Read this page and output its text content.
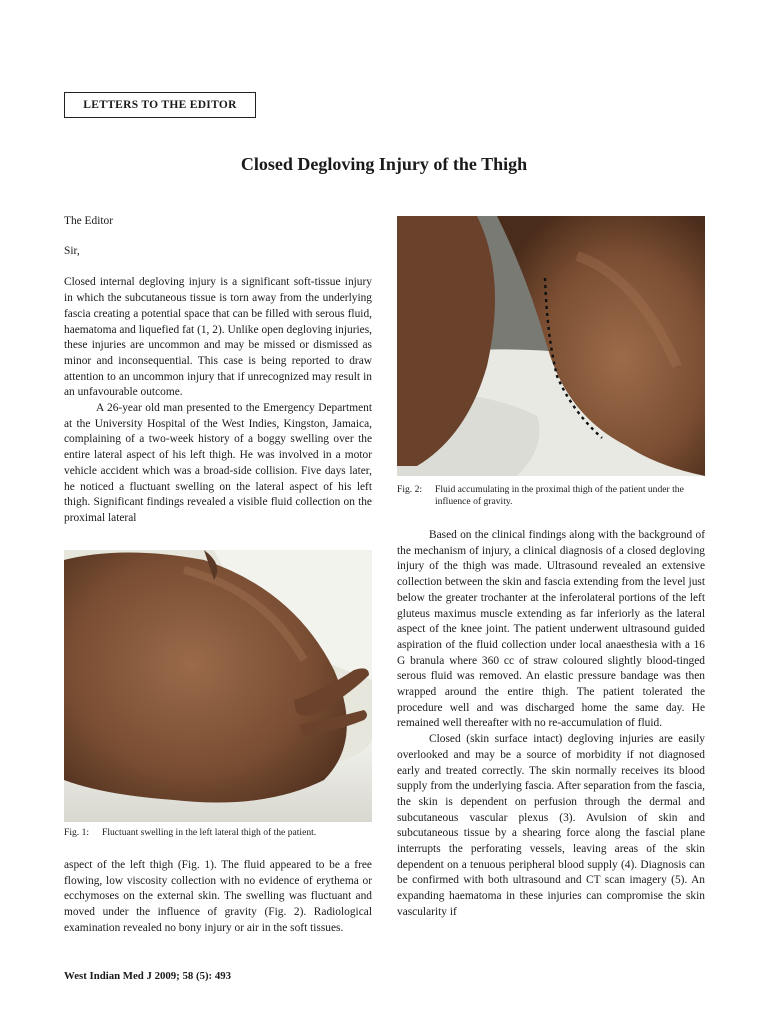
LETTERS TO THE EDITOR
Closed Degloving Injury of the Thigh

The Editor

Sir,

Closed internal degloving injury is a significant soft-tissue injury in which the subcutaneous tissue is torn away from the underlying fascia creating a potential space that can be filled with serous fluid, haematoma and liquefied fat (1, 2). Unlike open degloving injuries, these injuries are uncommon and may be missed or dismissed as minor and inconsequential. This case is being reported to draw attention to an uncommon injury that if unrecognized may result in an unfavourable outcome.

A 26-year old man presented to the Emergency Department at the University Hospital of the West Indies, Kingston, Jamaica, complaining of a two-week history of a boggy swelling over the entire lateral aspect of his left thigh. He was involved in a motor vehicle accident which was a broad-side collision. Five days later, he noticed a fluctuant swelling on the lateral aspect of his left thigh. Significant findings revealed a visible fluid collection on the proximal lateral

Fig. 1: Fluctuant swelling in the left lateral thigh of the patient.

aspect of the left thigh (Fig. 1). The fluid appeared to be a free flowing, low viscosity collection with no evidence of erythema or ecchymoses on the external skin. The swelling was fluctuant and moved under the influence of gravity (Fig. 2). Radiological examination revealed no bony injury or air in the soft tissues.

Fig. 2:	Fluid accumulating in the proximal thigh of the patient under the influence of gravity.

Based on the clinical findings along with the background of the mechanism of injury, a clinical diagnosis of a closed degloving injury of the thigh was made. Ultrasound revealed an extensive collection between the skin and fascia extending from the level just below the greater trochanter at the inferolateral portions of the left gluteus maximus muscle extending as far inferiorly as the lateral aspect of the knee joint. The patient underwent ultrasound guided aspiration of the fluid collection under local anaesthesia with a 16 G branula where 360 cc of straw coloured slightly blood-tinged serous fluid was removed. An elastic pressure bandage was then wrapped around the entire thigh. The patient tolerated the procedure well and was discharged home the same day. He remained well thereafter with no re-accumulation of fluid.

Closed (skin surface intact) degloving injuries are easily overlooked and may be a source of morbidity if not diagnosed early and treated correctly. The skin normally receives its blood supply from the underlying fascia. After separation from the fascia, the skin is dependent on perfusion through the dermal and subcutaneous vascular plexus (3). Avulsion of skin and subcutaneous tissue by a shearing force along the fascial plane interrupts the perforating vessels, leaving areas of the skin dependent on a tenuous peripheral blood supply (4). Diagnosis can be confirmed with both ultrasound and CT scan imagery (5). An expanding haematoma in these injuries can compromise the skin vascularity if

West Indian Med J 2009; 58 (5): 493
